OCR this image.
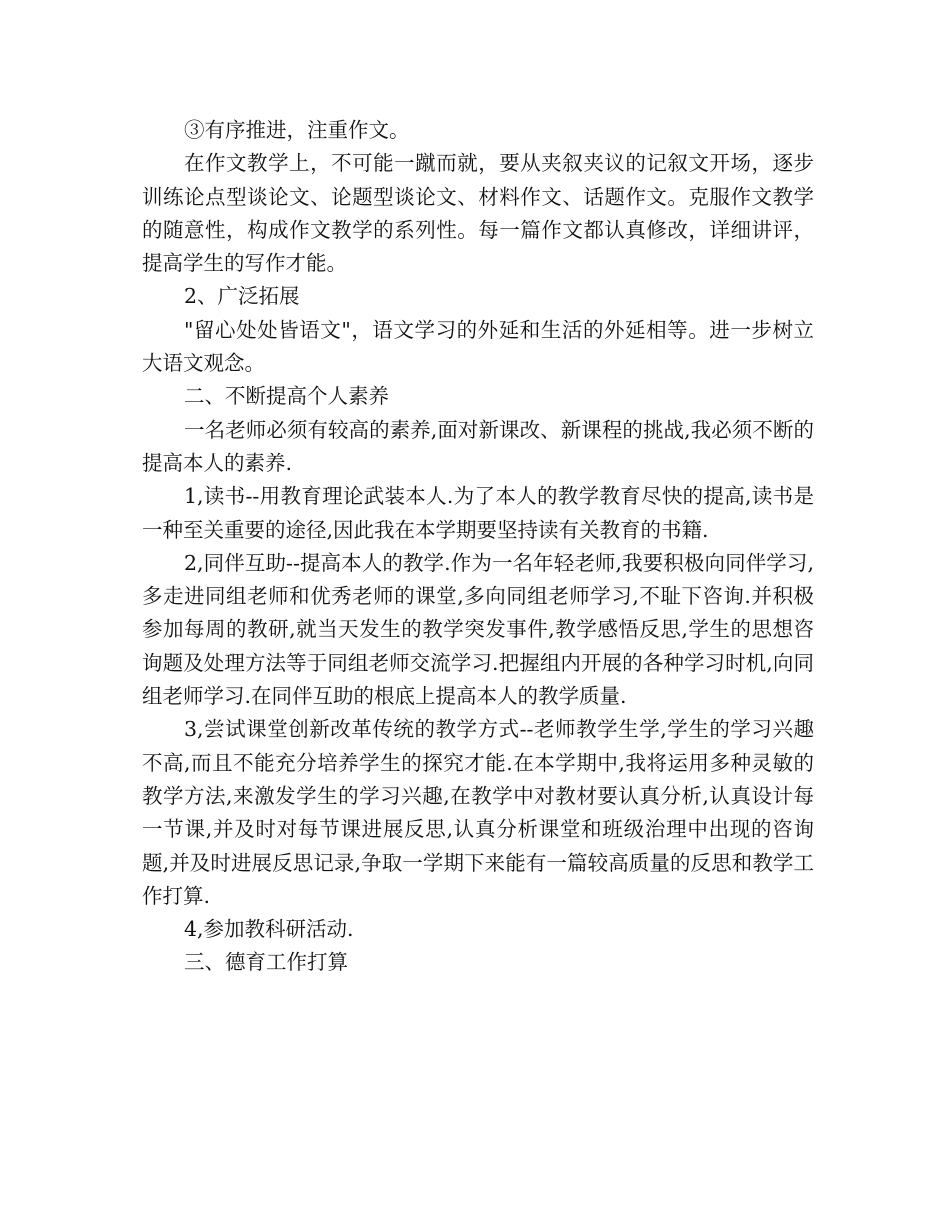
③有序推进，注重作文。

在作文教学上，不可能一蹴而就，要从夹叙夹议的记叙文开场，逐步训练论点型谈论文、论题型谈论文、材料作文、话题作文。克服作文教学的随意性，构成作文教学的系列性。每一篇作文都认真修改，详细讲评，提高学生的写作才能。

2、广泛拓展

"留心处处皆语文"，语文学习的外延和生活的外延相等。进一步树立大语文观念。

二、不断提高个人素养

一名老师必须有较高的素养,面对新课改、新课程的挑战,我必须不断的提高本人的素养.

1,读书--用教育理论武装本人.为了本人的教学教育尽快的提高,读书是一种至关重要的途径,因此我在本学期要坚持读有关教育的书籍.

2,同伴互助--提高本人的教学.作为一名年轻老师,我要积极向同伴学习,多走进同组老师和优秀老师的课堂,多向同组老师学习,不耻下咨询.并积极参加每周的教研,就当天发生的教学突发事件,教学感悟反思,学生的思想咨询题及处理方法等于同组老师交流学习.把握组内开展的各种学习时机,向同组老师学习.在同伴互助的根底上提高本人的教学质量.

3,尝试课堂创新改革传统的教学方式--老师教学生学,学生的学习兴趣不高,而且不能充分培养学生的探究才能.在本学期中,我将运用多种灵敏的教学方法,来激发学生的学习兴趣,在教学中对教材要认真分析,认真设计每一节课,并及时对每节课进展反思,认真分析课堂和班级治理中出现的咨询题,并及时进展反思记录,争取一学期下来能有一篇较高质量的反思和教学工作打算.

4,参加教科研活动.

三、德育工作打算
